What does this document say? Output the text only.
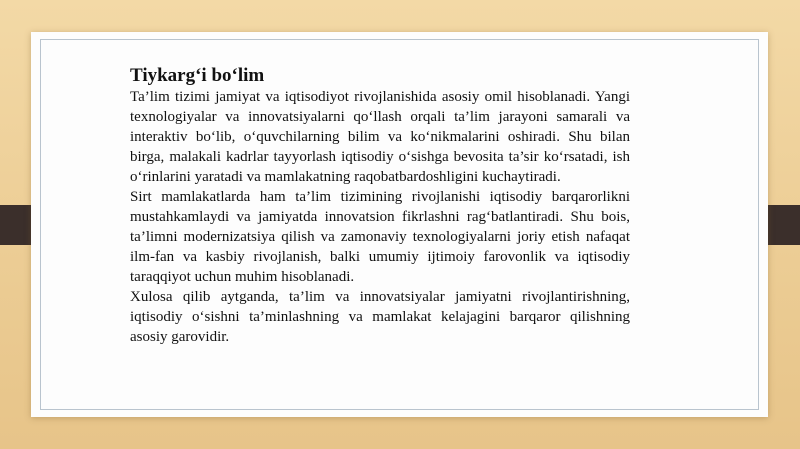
Tiykarg‘i bo‘lim

Ta’lim tizimi jamiyat va iqtisodiyot rivojlanishida asosiy omil hisoblanadi. Yangi texnologiyalar va innovatsiyalarni qo‘llash orqali ta’lim jarayoni samarali va interaktiv bo‘lib, o‘quvchilarning bilim va ko‘nikmalarini oshiradi. Shu bilan birga, malakali kadrlar tayyorlash iqtisodiy o‘sishga bevosita ta’sir ko‘rsatadi, ish o‘rinlarini yaratadi va mamlakatning raqobatbardoshligini kuchaytiradi.

Sirt mamlakatlarda ham ta’lim tizimining rivojlanishi iqtisodiy barqarorlikni mustahkamlaydi va jamiyatda innovatsion fikrlashni rag‘batlantiradi. Shu bois, ta’limni modernizatsiya qilish va zamonaviy texnologiyalarni joriy etish nafaqat ilm-fan va kasbiy rivojlanish, balki umumiy ijtimoiy farovonlik va iqtisodiy taraqqiyot uchun muhim hisoblanadi.

Xulosa qilib aytganda, ta’lim va innovatsiyalar jamiyatni rivojlantirishning, iqtisodiy o‘sishni ta’minlashning va mamlakat kelajagini barqaror qilishning asosiy garovidir.
